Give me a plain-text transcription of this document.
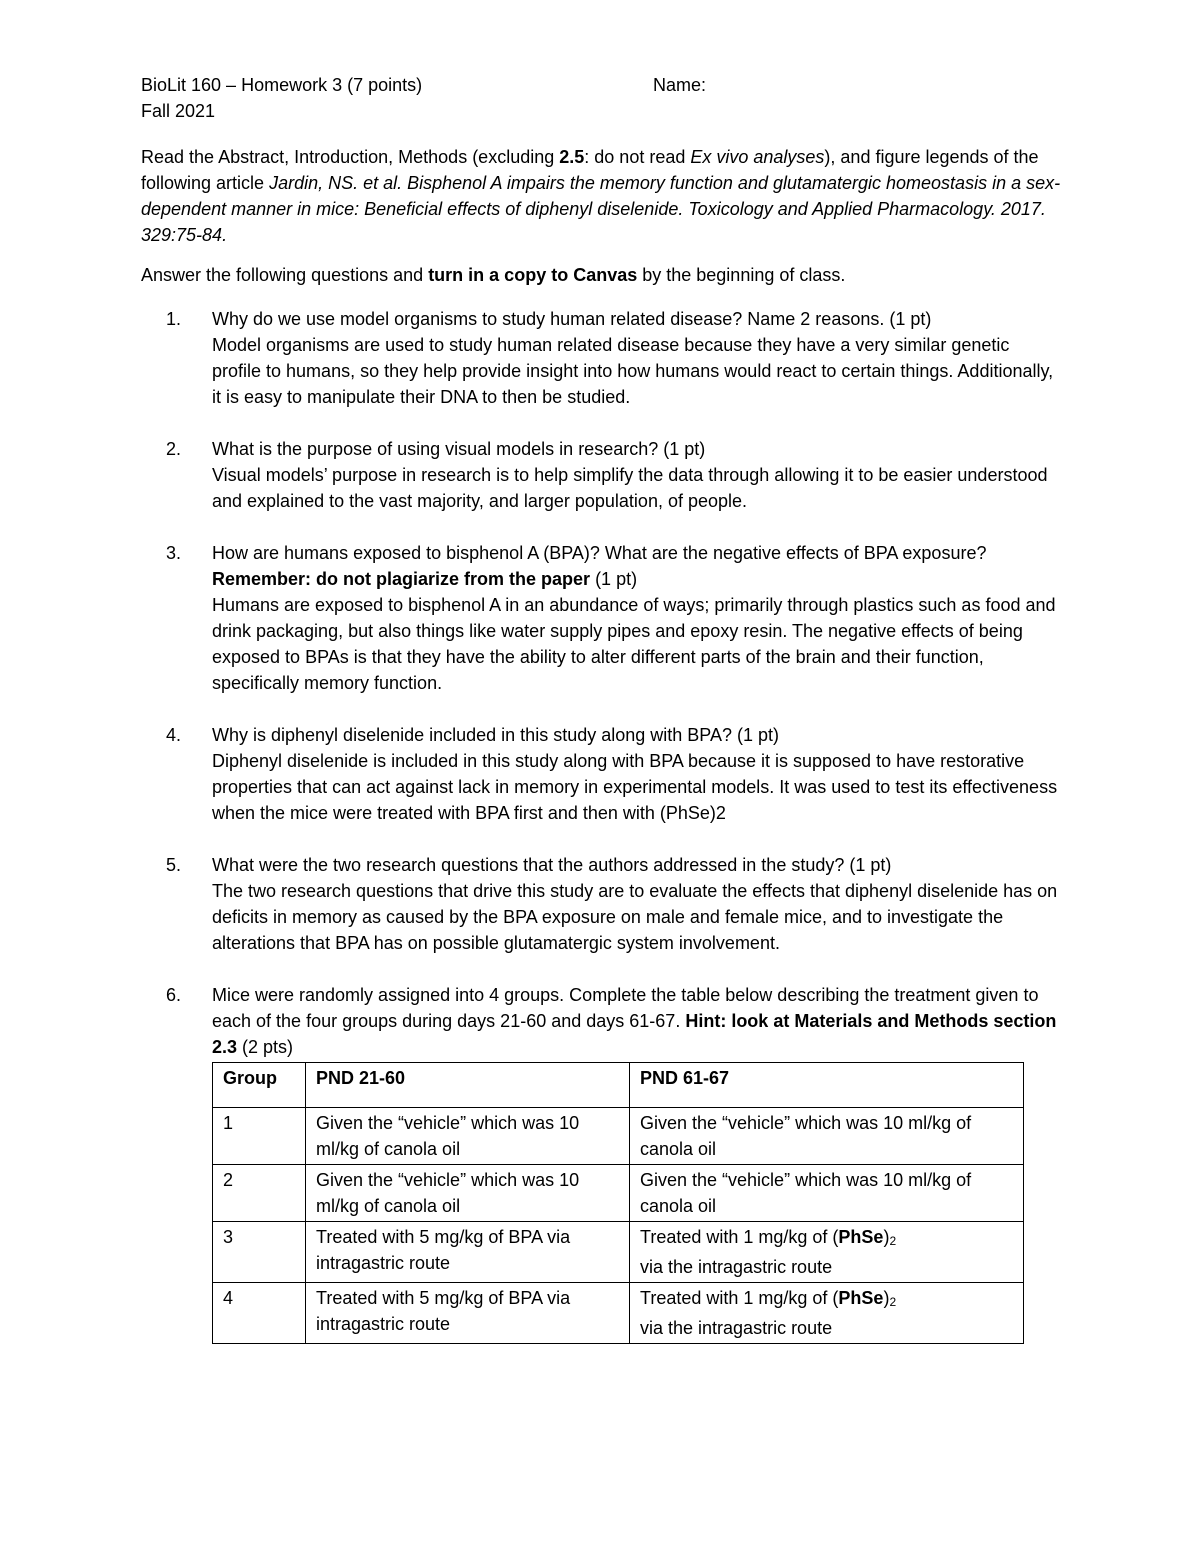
BioLit 160 – Homework 3 (7 points)	Name:

Fall 2021

Read the Abstract, Introduction, Methods (excluding 2.5: do not read Ex vivo analyses), and figure legends of the following article Jardin, NS. et al. Bisphenol A impairs the memory function and glutamatergic homeostasis in a sex-dependent manner in mice: Beneficial effects of diphenyl diselenide. Toxicology and Applied Pharmacology. 2017. 329:75-84.

Answer the following questions and turn in a copy to Canvas by the beginning of class.

1. Why do we use model organisms to study human related disease? Name 2 reasons. (1 pt)
Model organisms are used to study human related disease because they have a very similar genetic profile to humans, so they help provide insight into how humans would react to certain things. Additionally, it is easy to manipulate their DNA to then be studied.
2. What is the purpose of using visual models in research? (1 pt)
Visual models’ purpose in research is to help simplify the data through allowing it to be easier understood and explained to the vast majority, and larger population, of people.
3. How are humans exposed to bisphenol A (BPA)? What are the negative effects of BPA exposure? Remember: do not plagiarize from the paper (1 pt)
Humans are exposed to bisphenol A in an abundance of ways; primarily through plastics such as food and drink packaging, but also things like water supply pipes and epoxy resin. The negative effects of being exposed to BPAs is that they have the ability to alter different parts of the brain and their function, specifically memory function.
4. Why is diphenyl diselenide included in this study along with BPA? (1 pt)
Diphenyl diselenide is included in this study along with BPA because it is supposed to have restorative properties that can act against lack in memory in experimental models. It was used to test its effectiveness when the mice were treated with BPA first and then with (PhSe)2
5. What were the two research questions that the authors addressed in the study? (1 pt)
The two research questions that drive this study are to evaluate the effects that diphenyl diselenide has on deficits in memory as caused by the BPA exposure on male and female mice, and to investigate the alterations that BPA has on possible glutamatergic system involvement.
6. Mice were randomly assigned into 4 groups. Complete the table below describing the treatment given to each of the four groups during days 21-60 and days 61-67. Hint: look at Materials and Methods section 2.3 (2 pts)
Group	PND 21-60	PND 61-67
1	Given the “vehicle” which was 10 ml/kg of canola oil	Given the “vehicle” which was 10 ml/kg of canola oil
2	Given the “vehicle” which was 10 ml/kg of canola oil	Given the “vehicle” which was 10 ml/kg of canola oil
3	Treated with 5 mg/kg of BPA via intragastric route	Treated with 1 mg/kg of $(PhSe)_2$
via the intragastric route
4	Treated with 5 mg/kg of BPA via intragastric route	Treated with 1 mg/kg of $(PhSe)_2$
via the intragastric route
